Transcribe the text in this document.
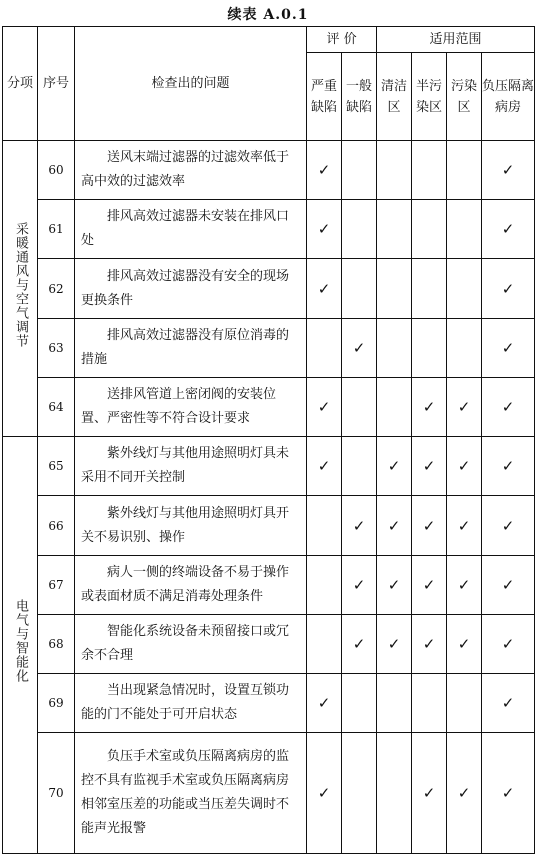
续表 A.0.1
分项	序号	检查出的问题	评 价		适用范围			
			严重缺陷	一般缺陷	清洁区	半污染区	污染区	负压隔离病房
采暖通风与空气调节	60	送风末端过滤器的过滤效率低于高中效的过滤效率	✓					✓
	61	排风高效过滤器未安装在排风口处	✓					✓
	62	排风高效过滤器没有安全的现场更换条件	✓					✓
	63	排风高效过滤器没有原位消毒的措施		✓				✓
	64	送排风管道上密闭阀的安装位置、严密性等不符合设计要求	✓			✓	✓	✓
电气与智能化	65	紫外线灯与其他用途照明灯具未采用不同开关控制	✓		✓	✓	✓	✓
	66	紫外线灯与其他用途照明灯具开关不易识别、操作		✓	✓	✓	✓	✓
	67	病人一侧的终端设备不易于操作或表面材质不满足消毒处理条件		✓	✓	✓	✓	✓
	68	智能化系统设备未预留接口或冗余不合理		✓	✓	✓	✓	✓
	69	当出现紧急情况时，设置互锁功能的门不能处于可开启状态	✓					✓
	70	负压手术室或负压隔离病房的监控不具有监视手术室或负压隔离病房相邻室压差的功能或当压差失调时不能声光报警	✓			✓	✓	✓
